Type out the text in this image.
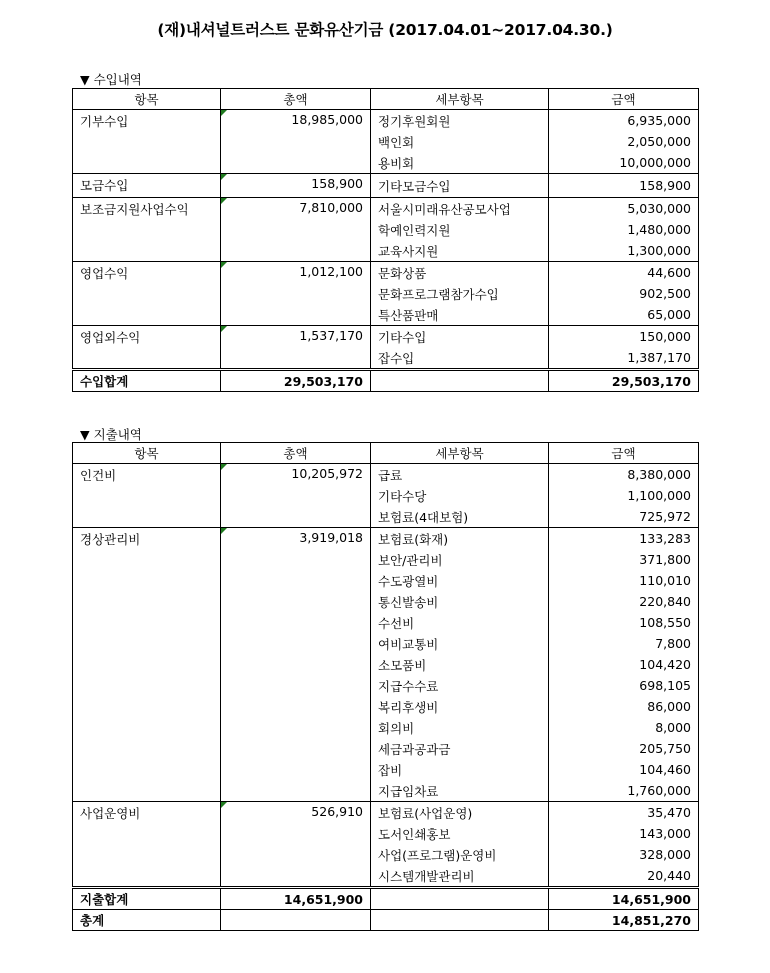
(재)내셔널트러스트 문화유산기금 (2017.04.01~2017.04.30.)
▼ 수입내역
항목	총액	세부항목	금액
기부수입	18,985,000	정기후원회원	6,935,000
		백인회	2,050,000
		용비회	10,000,000
모금수입	158,900	기타모금수입	158,900
보조금지원사업수익	7,810,000	서울시미래유산공모사업	5,030,000
		학예인력지원	1,480,000
		교육사지원	1,300,000
영업수익	1,012,100	문화상품	44,600
		문화프로그램참가수입	902,500
		특산품판매	65,000
영업외수익	1,537,170	기타수입	150,000
		잡수입	1,387,170
수입합계	29,503,170		29,503,170
▼ 지출내역
항목	총액	세부항목	금액
인건비	10,205,972	급료	8,380,000
		기타수당	1,100,000
		보험료(4대보험)	725,972
경상관리비	3,919,018	보험료(화재)	133,283
		보안/관리비	371,800
		수도광열비	110,010
		통신발송비	220,840
		수선비	108,550
		여비교통비	7,800
		소모품비	104,420
		지급수수료	698,105
		복리후생비	86,000
		회의비	8,000
		세금과공과금	205,750
		잡비	104,460
		지급임차료	1,760,000
사업운영비	526,910	보험료(사업운영)	35,470
		도서인쇄홍보	143,000
		사업(프로그램)운영비	328,000
		시스템개발관리비	20,440
지출합계	14,651,900		14,651,900
총계			14,851,270
